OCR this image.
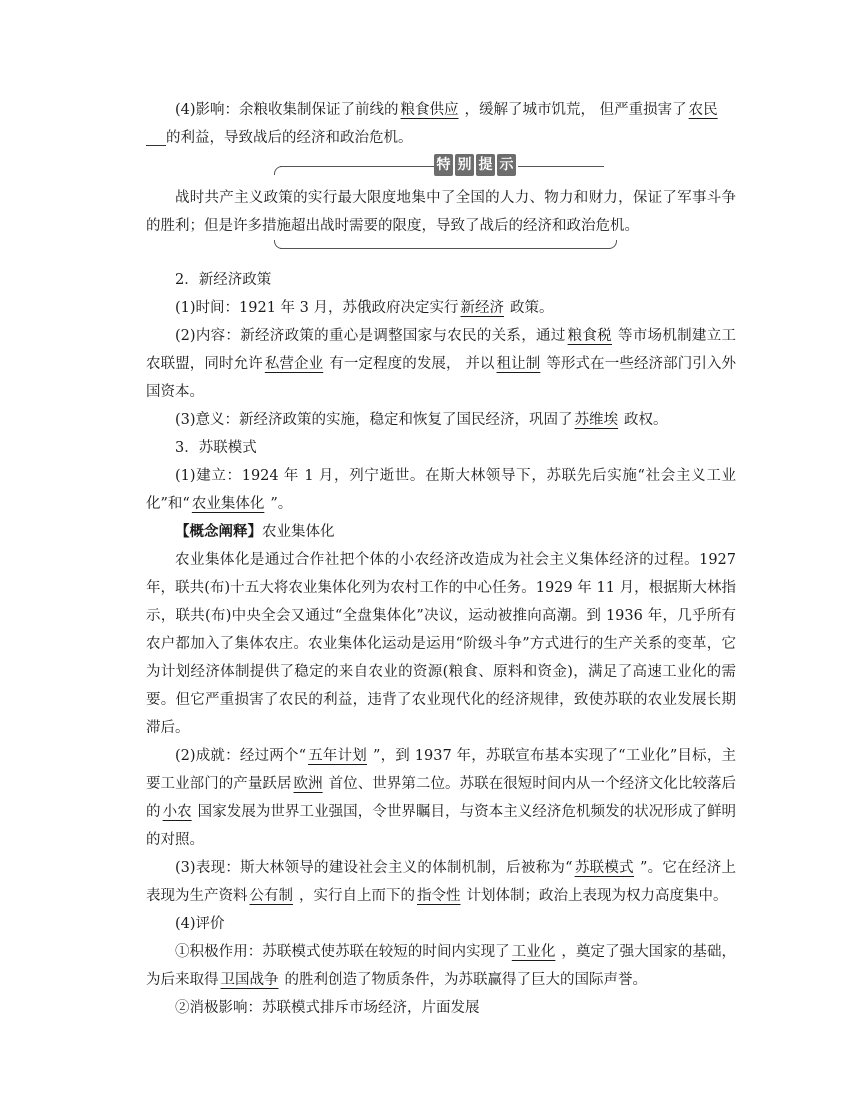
(4)影响：余粮收集制保证了前线的 粮食供应 ，缓解了城市饥荒， 但严重损害了 农民
的利益，导致战后的经济和政治危机。

特 别 提 示

战时共产主义政策的实行最大限度地集中了全国的人力、物力和财力，保证了军事斗争的胜利；但是许多措施超出战时需要的限度，导致了战后的经济和政治危机。

2．新经济政策

(1)时间：1921 年 3 月，苏俄政府决定实行 新经济 政策。

(2)内容：新经济政策的重心是调整国家与农民的关系，通过 粮食税 等市场机制建立工农联盟，同时允许 私营企业 有一定程度的发展， 并以 租让制 等形式在一些经济部门引入外国资本。

(3)意义：新经济政策的实施，稳定和恢复了国民经济，巩固了 苏维埃 政权。

3．苏联模式

(1)建立：1924 年 1 月，列宁逝世。在斯大林领导下，苏联先后实施“社会主义工业化”和“ 农业集体化 ”。

【概念阐释】农业集体化

农业集体化是通过合作社把个体的小农经济改造成为社会主义集体经济的过程。1927 年，联共(布)十五大将农业集体化列为农村工作的中心任务。1929 年 11 月，根据斯大林指示，联共(布)中央全会又通过“全盘集体化”决议，运动被推向高潮。到 1936 年，几乎所有农户都加入了集体农庄。农业集体化运动是运用“阶级斗争”方式进行的生产关系的变革，它为计划经济体制提供了稳定的来自农业的资源(粮食、原料和资金)，满足了高速工业化的需要。但它严重损害了农民的利益，违背了农业现代化的经济规律，致使苏联的农业发展长期滞后。

(2)成就：经过两个“ 五年计划 ”，到 1937 年，苏联宣布基本实现了“工业化”目标，主要工业部门的产量跃居 欧洲 首位、世界第二位。苏联在很短时间内从一个经济文化比较落后的 小农 国家发展为世界工业强国，令世界瞩目，与资本主义经济危机频发的状况形成了鲜明的对照。

(3)表现：斯大林领导的建设社会主义的体制机制，后被称为“ 苏联模式 ”。它在经济上表现为生产资料 公有制 ，实行自上而下的 指令性 计划体制；政治上表现为权力高度集中。

(4)评价

①积极作用：苏联模式使苏联在较短的时间内实现了 工业化 ，奠定了强大国家的基础，为后来取得 卫国战争 的胜利创造了物质条件，为苏联赢得了巨大的国际声誉。

②消极影响：苏联模式排斥市场经济，片面发展
